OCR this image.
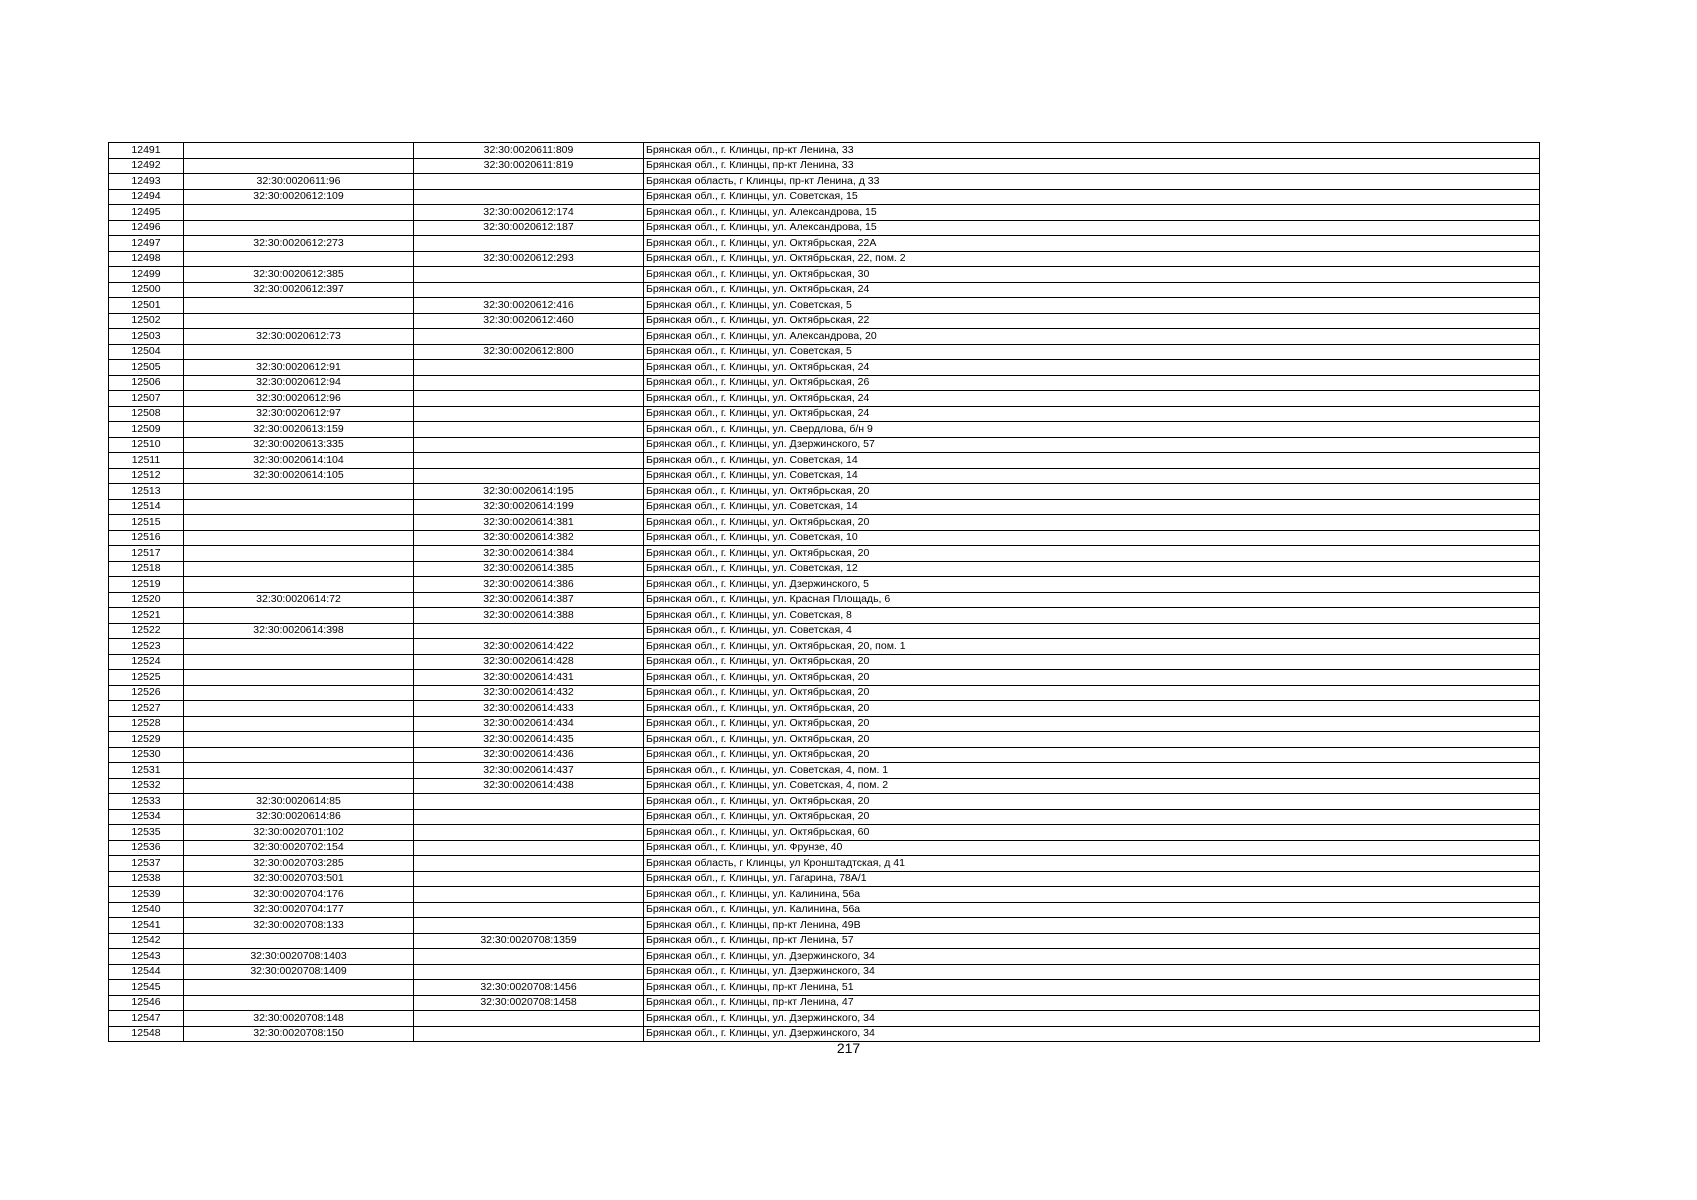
12491		32:30:0020611:809	Брянская обл., г. Клинцы, пр-кт Ленина, 33
12492		32:30:0020611:819	Брянская обл., г. Клинцы, пр-кт Ленина, 33
12493	32:30:0020611:96		Брянская область, г Клинцы, пр-кт Ленина, д 33
12494	32:30:0020612:109		Брянская обл., г. Клинцы, ул. Советская, 15
12495		32:30:0020612:174	Брянская обл., г. Клинцы, ул. Александрова, 15
12496		32:30:0020612:187	Брянская обл., г. Клинцы, ул. Александрова, 15
12497	32:30:0020612:273		Брянская обл., г. Клинцы, ул. Октябрьская, 22А
12498		32:30:0020612:293	Брянская обл., г. Клинцы, ул. Октябрьская, 22, пом. 2
12499	32:30:0020612:385		Брянская обл., г. Клинцы, ул. Октябрьская, 30
12500	32:30:0020612:397		Брянская обл., г. Клинцы, ул. Октябрьская, 24
12501		32:30:0020612:416	Брянская обл., г. Клинцы, ул. Советская, 5
12502		32:30:0020612:460	Брянская обл., г. Клинцы, ул. Октябрьская, 22
12503	32:30:0020612:73		Брянская обл., г. Клинцы, ул. Александрова, 20
12504		32:30:0020612:800	Брянская обл., г. Клинцы, ул. Советская, 5
12505	32:30:0020612:91		Брянская обл., г. Клинцы, ул. Октябрьская, 24
12506	32:30:0020612:94		Брянская обл., г. Клинцы, ул. Октябрьская, 26
12507	32:30:0020612:96		Брянская обл., г. Клинцы, ул. Октябрьская, 24
12508	32:30:0020612:97		Брянская обл., г. Клинцы, ул. Октябрьская, 24
12509	32:30:0020613:159		Брянская обл., г. Клинцы, ул. Свердлова, б/н 9
12510	32:30:0020613:335		Брянская обл., г. Клинцы, ул. Дзержинского, 57
12511	32:30:0020614:104		Брянская обл., г. Клинцы, ул. Советская, 14
12512	32:30:0020614:105		Брянская обл., г. Клинцы, ул. Советская, 14
12513		32:30:0020614:195	Брянская обл., г. Клинцы, ул. Октябрьская, 20
12514		32:30:0020614:199	Брянская обл., г. Клинцы, ул. Советская, 14
12515		32:30:0020614:381	Брянская обл., г. Клинцы, ул. Октябрьская, 20
12516		32:30:0020614:382	Брянская обл., г. Клинцы, ул. Советская, 10
12517		32:30:0020614:384	Брянская обл., г. Клинцы, ул. Октябрьская, 20
12518		32:30:0020614:385	Брянская обл., г. Клинцы, ул. Советская, 12
12519		32:30:0020614:386	Брянская обл., г. Клинцы, ул. Дзержинского, 5
12520	32:30:0020614:72	32:30:0020614:387	Брянская обл., г. Клинцы, ул. Красная Площадь, 6
12521		32:30:0020614:388	Брянская обл., г. Клинцы, ул. Советская, 8
12522	32:30:0020614:398		Брянская обл., г. Клинцы, ул. Советская, 4
12523		32:30:0020614:422	Брянская обл., г. Клинцы, ул. Октябрьская, 20, пом. 1
12524		32:30:0020614:428	Брянская обл., г. Клинцы, ул. Октябрьская, 20
12525		32:30:0020614:431	Брянская обл., г. Клинцы, ул. Октябрьская, 20
12526		32:30:0020614:432	Брянская обл., г. Клинцы, ул. Октябрьская, 20
12527		32:30:0020614:433	Брянская обл., г. Клинцы, ул. Октябрьская, 20
12528		32:30:0020614:434	Брянская обл., г. Клинцы, ул. Октябрьская, 20
12529		32:30:0020614:435	Брянская обл., г. Клинцы, ул. Октябрьская, 20
12530		32:30:0020614:436	Брянская обл., г. Клинцы, ул. Октябрьская, 20
12531		32:30:0020614:437	Брянская обл., г. Клинцы, ул. Советская, 4, пом. 1
12532		32:30:0020614:438	Брянская обл., г. Клинцы, ул. Советская, 4, пом. 2
12533	32:30:0020614:85		Брянская обл., г. Клинцы, ул. Октябрьская, 20
12534	32:30:0020614:86		Брянская обл., г. Клинцы, ул. Октябрьская, 20
12535	32:30:0020701:102		Брянская обл., г. Клинцы, ул. Октябрьская, 60
12536	32:30:0020702:154		Брянская обл., г. Клинцы, ул. Фрунзе, 40
12537	32:30:0020703:285		Брянская область, г Клинцы, ул Кронштадтская, д 41
12538	32:30:0020703:501		Брянская обл., г. Клинцы, ул. Гагарина, 78А/1
12539	32:30:0020704:176		Брянская обл., г. Клинцы, ул. Калинина, 56а
12540	32:30:0020704:177		Брянская обл., г. Клинцы, ул. Калинина, 56а
12541	32:30:0020708:133		Брянская обл., г. Клинцы, пр-кт Ленина, 49В
12542		32:30:0020708:1359	Брянская обл., г. Клинцы, пр-кт Ленина, 57
12543	32:30:0020708:1403		Брянская обл., г. Клинцы, ул. Дзержинского, 34
12544	32:30:0020708:1409		Брянская обл., г. Клинцы, ул. Дзержинского, 34
12545		32:30:0020708:1456	Брянская обл., г. Клинцы, пр-кт Ленина, 51
12546		32:30:0020708:1458	Брянская обл., г. Клинцы, пр-кт Ленина, 47
12547	32:30:0020708:148		Брянская обл., г. Клинцы, ул. Дзержинского, 34
12548	32:30:0020708:150		Брянская обл., г. Клинцы, ул. Дзержинского, 34
217
